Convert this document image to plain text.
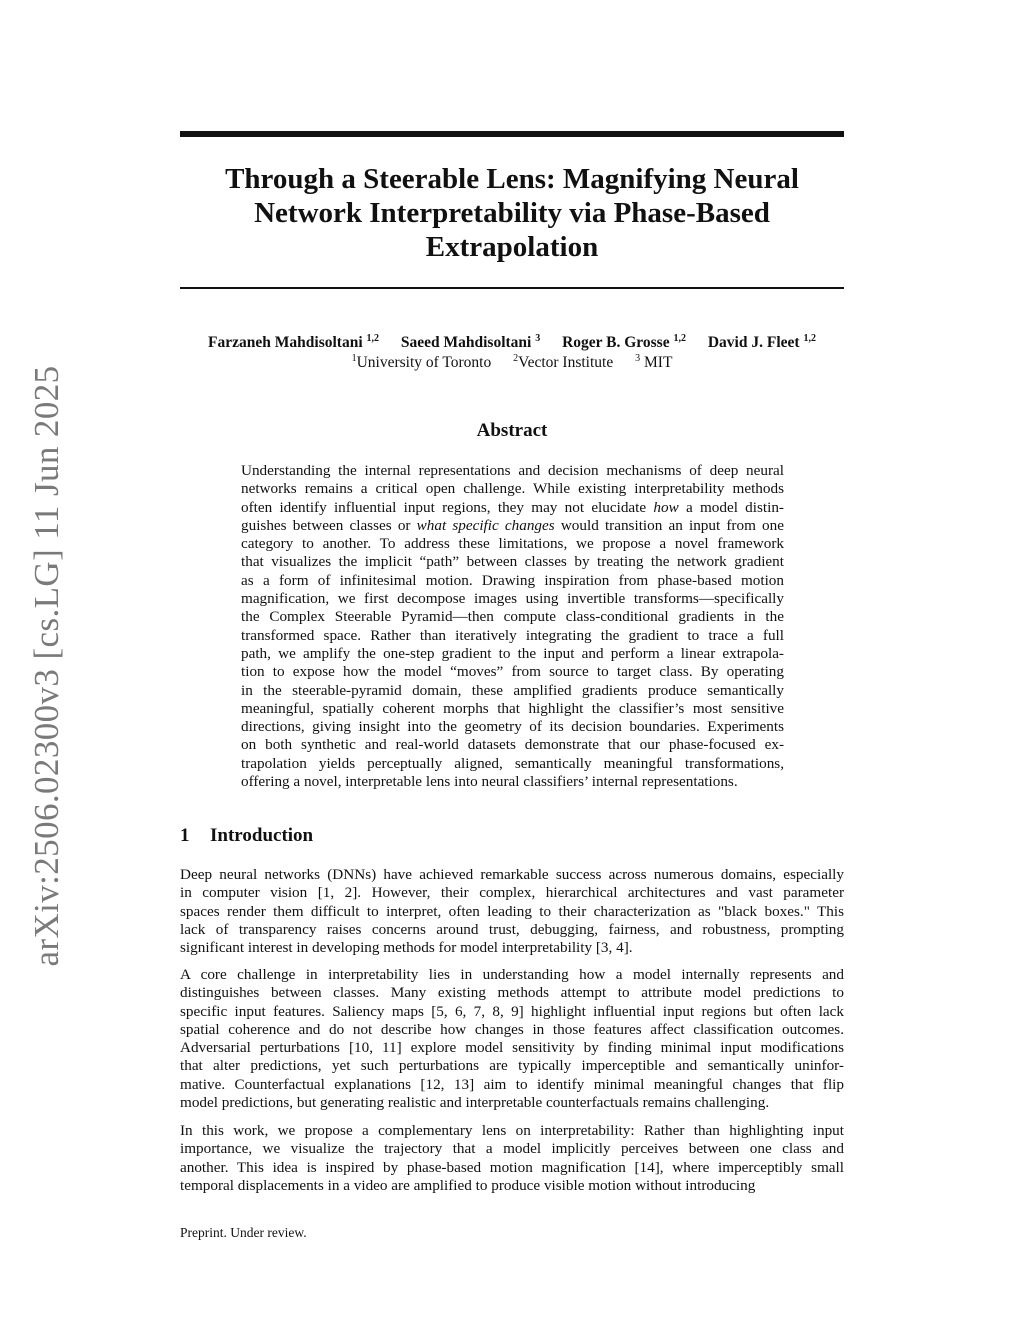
arXiv:2506.02300v3 [cs.LG] 11 Jun 2025
Through a Steerable Lens: Magnifying Neural
Network Interpretability via Phase-Based
Extrapolation
Farzaneh Mahdisoltani $^{1,2}$ Saeed Mahdisoltani $^3$ Roger B. Grosse $^{1,2}$ David J. Fleet $^{1,2}$
$^1$University of Toronto $^2$Vector Institute $^3$ MIT
Abstract
Understanding the internal representations and decision mechanisms of deep neural
networks remains a critical open challenge. While existing interpretability methods
often identify influential input regions, they may not elucidate how a model distin-
guishes between classes or what specific changes would transition an input from one
category to another. To address these limitations, we propose a novel framework
that visualizes the implicit “path” between classes by treating the network gradient
as a form of infinitesimal motion. Drawing inspiration from phase-based motion
magnification, we first decompose images using invertible transforms—specifically
the Complex Steerable Pyramid—then compute class-conditional gradients in the
transformed space. Rather than iteratively integrating the gradient to trace a full
path, we amplify the one-step gradient to the input and perform a linear extrapola-
tion to expose how the model “moves” from source to target class. By operating
in the steerable-pyramid domain, these amplified gradients produce semantically
meaningful, spatially coherent morphs that highlight the classifier’s most sensitive
directions, giving insight into the geometry of its decision boundaries. Experiments
on both synthetic and real-world datasets demonstrate that our phase-focused ex-
trapolation yields perceptually aligned, semantically meaningful transformations,
offering a novel, interpretable lens into neural classifiers’ internal representations.
1 Introduction
Deep neural networks (DNNs) have achieved remarkable success across numerous domains, especially
in computer vision [1, 2]. However, their complex, hierarchical architectures and vast parameter
spaces render them difficult to interpret, often leading to their characterization as "black boxes." This
lack of transparency raises concerns around trust, debugging, fairness, and robustness, prompting
significant interest in developing methods for model interpretability [3, 4].
A core challenge in interpretability lies in understanding how a model internally represents and
distinguishes between classes. Many existing methods attempt to attribute model predictions to
specific input features. Saliency maps [5, 6, 7, 8, 9] highlight influential input regions but often lack
spatial coherence and do not describe how changes in those features affect classification outcomes.
Adversarial perturbations [10, 11] explore model sensitivity by finding minimal input modifications
that alter predictions, yet such perturbations are typically imperceptible and semantically uninfor-
mative. Counterfactual explanations [12, 13] aim to identify minimal meaningful changes that flip
model predictions, but generating realistic and interpretable counterfactuals remains challenging.
In this work, we propose a complementary lens on interpretability: Rather than highlighting input
importance, we visualize the trajectory that a model implicitly perceives between one class and
another. This idea is inspired by phase-based motion magnification [14], where imperceptibly small
temporal displacements in a video are amplified to produce visible motion without introducing
Preprint. Under review.
